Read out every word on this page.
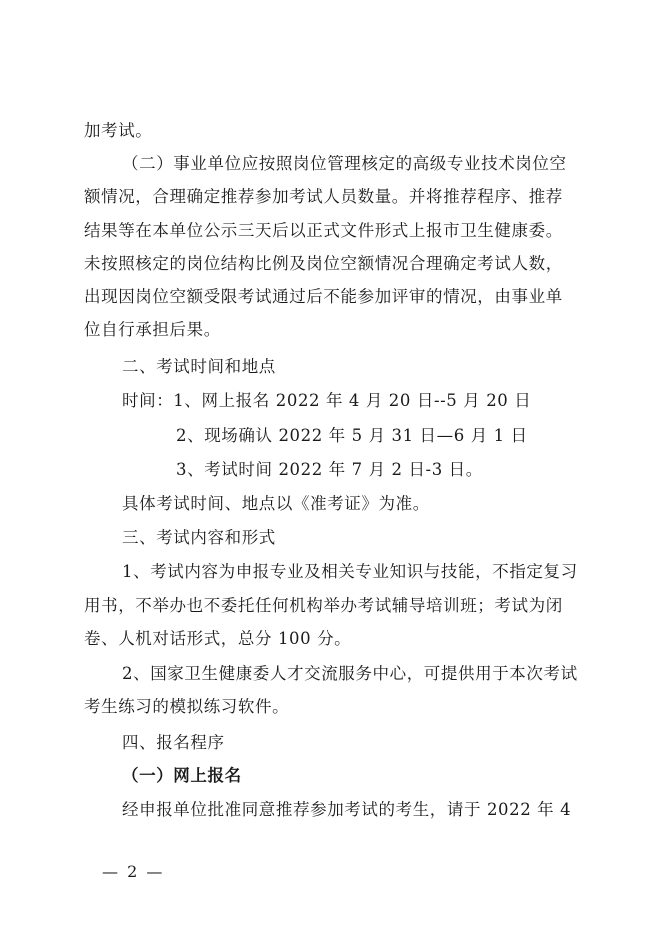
加考试。
（二）事业单位应按照岗位管理核定的高级专业技术岗位空
额情况，合理确定推荐参加考试人员数量。并将推荐程序、推荐
结果等在本单位公示三天后以正式文件形式上报市卫生健康委。
未按照核定的岗位结构比例及岗位空额情况合理确定考试人数，
出现因岗位空额受限考试通过后不能参加评审的情况，由事业单
位自行承担后果。
二、考试时间和地点
时间：1、网上报名 2022 年 4 月 20 日--5 月 20 日
2、现场确认 2022 年 5 月 31 日—6 月 1 日
3、考试时间 2022 年 7 月 2 日-3 日。
具体考试时间、地点以《准考证》为准。
三、考试内容和形式
1、考试内容为申报专业及相关专业知识与技能，不指定复习
用书，不举办也不委托任何机构举办考试辅导培训班；考试为闭
卷、人机对话形式，总分 100 分。
2、国家卫生健康委人才交流服务中心，可提供用于本次考试
考生练习的模拟练习软件。
四、报名程序
（一）网上报名
经申报单位批准同意推荐参加考试的考生，请于 2022 年 4
— 2 —
